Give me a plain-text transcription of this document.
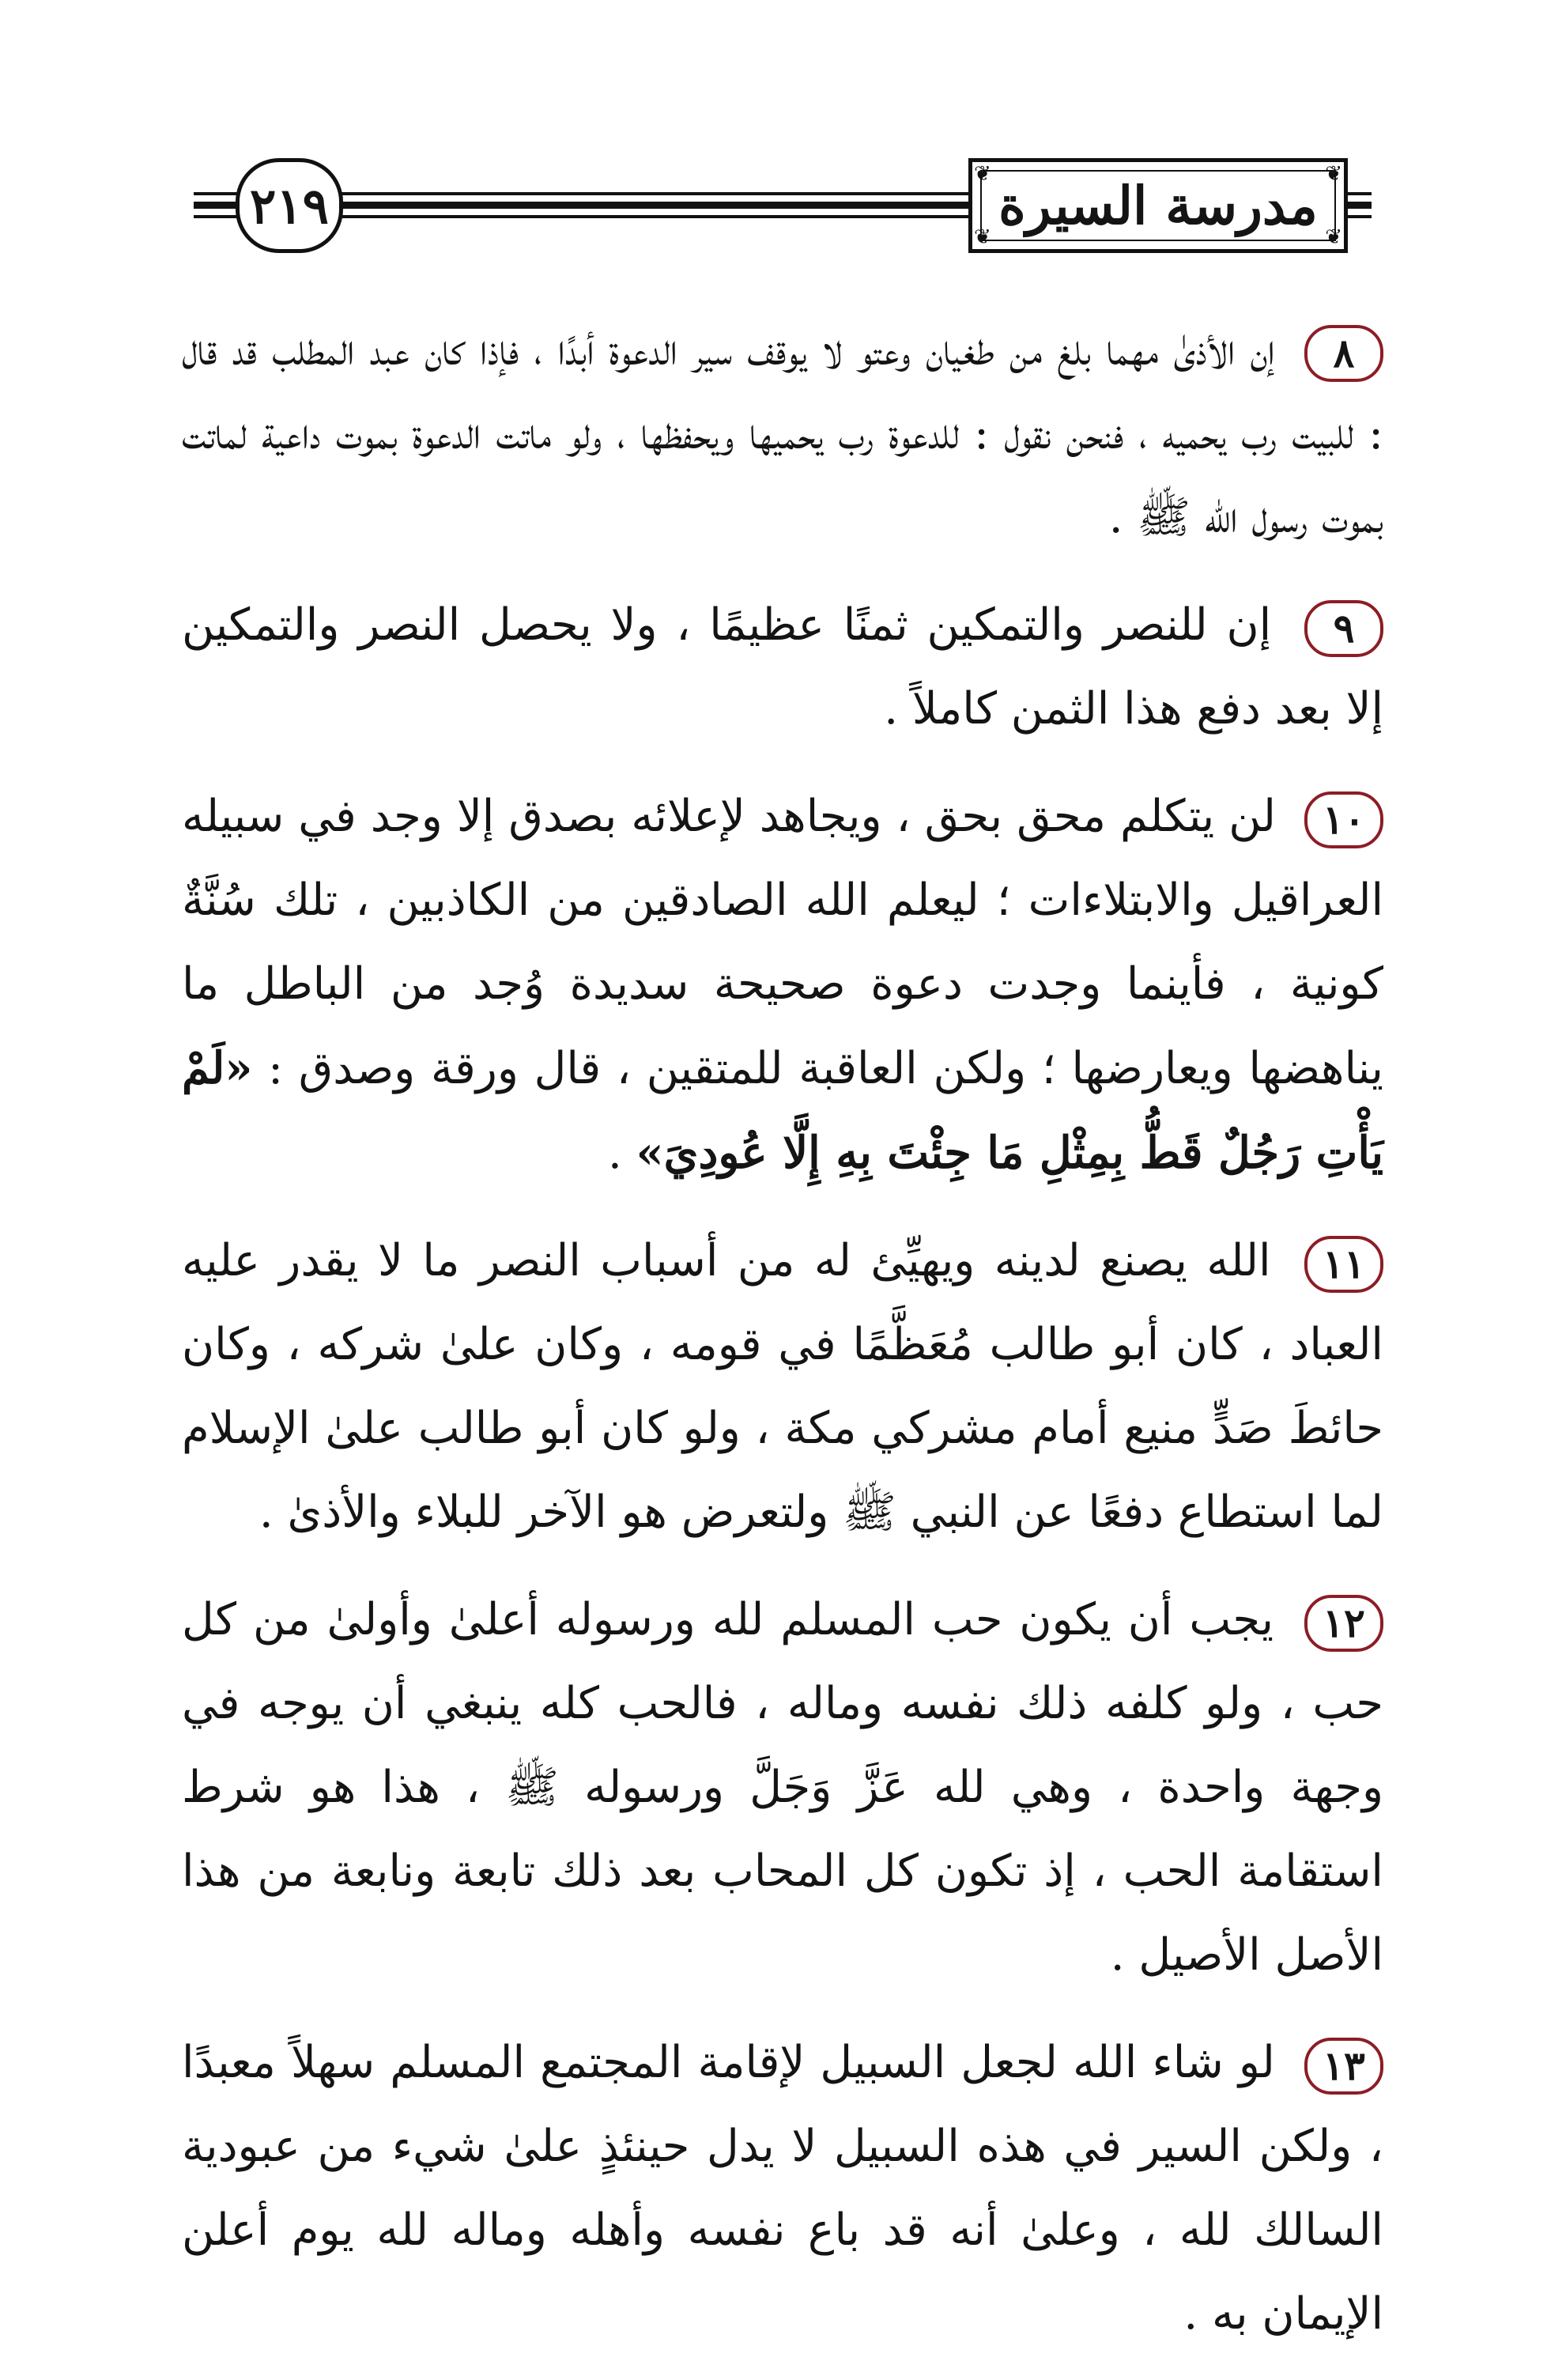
٢١٩
❦	❦
❦	❦
مدرسة السيرة

٨ إن الأذىٰ مهما بلغ من طغيان وعتو لا يوقف سير الدعوة أبدًا ، فإذا كان عبد المطلب قد قال : للبيت رب يحميه ، فنحن نقول : للدعوة رب يحميها ويحفظها ، ولو ماتت الدعوة بموت داعية لماتت بموت رسول الله ﷺ .

٩ إن للنصر والتمكين ثمنًا عظيمًا ، ولا يحصل النصر والتمكين إلا بعد دفع هذا الثمن كاملاً .

١٠ لن يتكلم محق بحق ، ويجاهد لإعلائه بصدق إلا وجد في سبيله العراقيل والابتلاءات ؛ ليعلم الله الصادقين من الكاذبين ، تلك سُنَّةٌ كونية ، فأينما وجدت دعوة صحيحة سديدة وُجد من الباطل ما يناهضها ويعارضها ؛ ولكن العاقبة للمتقين ، قال ورقة وصدق : «لَمْ يَأْتِ رَجُلٌ قَطُّ بِمِثْلِ مَا جِئْتَ بِهِ إِلَّا عُودِيَ» .

١١ الله يصنع لدينه ويهيِّئ له من أسباب النصر ما لا يقدر عليه العباد ، كان أبو طالب مُعَظَّمًا في قومه ، وكان علىٰ شركه ، وكان حائطَ صَدٍّ منيع أمام مشركي مكة ، ولو كان أبو طالب علىٰ الإسلام لما استطاع دفعًا عن النبي ﷺ ولتعرض هو الآخر للبلاء والأذىٰ .

١٢ يجب أن يكون حب المسلم لله ورسوله أعلىٰ وأولىٰ من كل حب ، ولو كلفه ذلك نفسه وماله ، فالحب كله ينبغي أن يوجه في وجهة واحدة ، وهي لله عَزَّ وَجَلَّ ورسوله ﷺ ، هذا هو شرط استقامة الحب ، إذ تكون كل المحاب بعد ذلك تابعة ونابعة من هذا الأصل الأصيل .

١٣ لو شاء الله لجعل السبيل لإقامة المجتمع المسلم سهلاً معبدًا ، ولكن السير في هذه السبيل لا يدل حينئذٍ علىٰ شيء من عبودية السالك لله ، وعلىٰ أنه قد باع نفسه وأهله وماله لله يوم أعلن الإيمان به .
